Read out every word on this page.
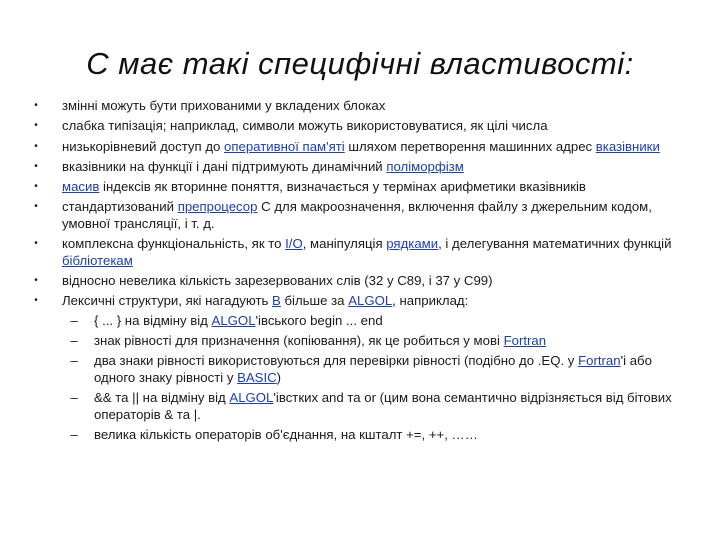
C має такі специфічні властивості:
•	змінні можуть бути прихованими у вкладених блоках
•	слабка типізація; наприклад, символи можуть використовуватися, як цілі числа
•	низькорівневий доступ до оперативної пам'яті шляхом перетворення машинних адрес вказівники
•	вказівники на функції і дані підтримують динамічний поліморфізм
•	масив індексів як вторинне поняття, визначається у термінах арифметики вказівників
•	стандартизований препроцесор C для макроозначення, включення файлу з джерельним кодом, умовної трансляції, і т. д.
•	комплексна функціональність, як то I/O, маніпуляція рядками, і делегування математичних функцій бібліотекам
•	відносно невелика кількість зарезервованих слів (32 у C89, і 37 у C99)
•	Лексичні структури, які нагадують B більше за ALGOL, наприклад:
–	{ ... } на відміну від ALGOL'івського begin ... end
–	знак рівності для призначення (копіювання), як це робиться у мові Fortran
–	два знаки рівності використовуються для перевірки рівності (подібно до .EQ. у Fortran'і або одного знаку рівності у BASIC)
–	&& та || на відміну від ALGOL'івстких and та or (цим вона семантично відрізняється від бітових операторів & та |.
–	велика кількість операторів об'єднання, на кшталт +=, ++, ……
